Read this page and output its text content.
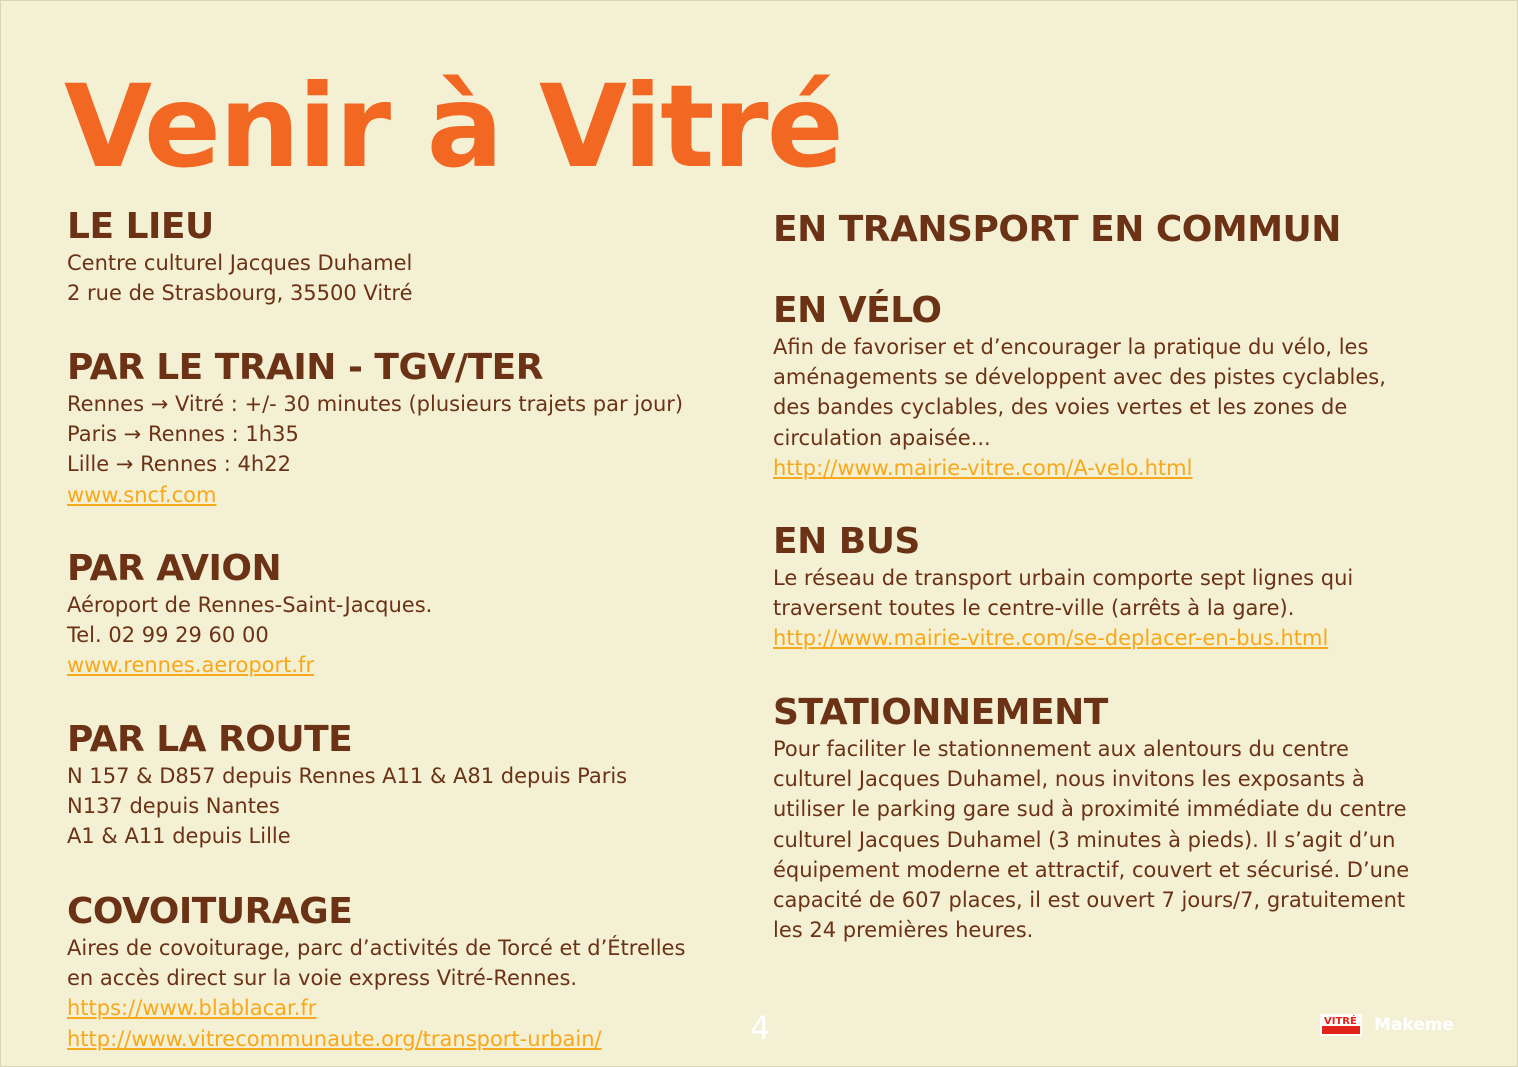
Venir à Vitré
LE LIEU
Centre culturel Jacques Duhamel
2 rue de Strasbourg, 35500 Vitré
PAR LE TRAIN - TGV/TER
Rennes → Vitré : +/- 30 minutes (plusieurs trajets par jour)
Paris → Rennes : 1h35
Lille → Rennes : 4h22
www.sncf.com
PAR AVION
Aéroport de Rennes-Saint-Jacques.
Tel. 02 99 29 60 00
www.rennes.aeroport.fr
PAR LA ROUTE
N 157 & D857 depuis Rennes A11 & A81 depuis Paris
N137 depuis Nantes
A1 & A11 depuis Lille
COVOITURAGE
Aires de covoiturage, parc d’activités de Torcé et d’Étrelles
en accès direct sur la voie express Vitré-Rennes.
https://www.blablacar.fr
http://www.vitrecommunaute.org/transport-urbain/
EN TRANSPORT EN COMMUN
EN VÉLO
Afin de favoriser et d’encourager la pratique du vélo, les
aménagements se développent avec des pistes cyclables,
des bandes cyclables, des voies vertes et les zones de
circulation apaisée...
http://www.mairie-vitre.com/A-velo.html
EN BUS
Le réseau de transport urbain comporte sept lignes qui
traversent toutes le centre-ville (arrêts à la gare).
http://www.mairie-vitre.com/se-deplacer-en-bus.html
STATIONNEMENT
Pour faciliter le stationnement aux alentours du centre
culturel Jacques Duhamel, nous invitons les exposants à
utiliser le parking gare sud à proximité immédiate du centre
culturel Jacques Duhamel (3 minutes à pieds). Il s’agit d’un
équipement moderne et attractif, couvert et sécurisé. D’une
capacité de 607 places, il est ouvert 7 jours/7, gratuitement
les 24 premières heures.
4	VITRÉ Makeme
